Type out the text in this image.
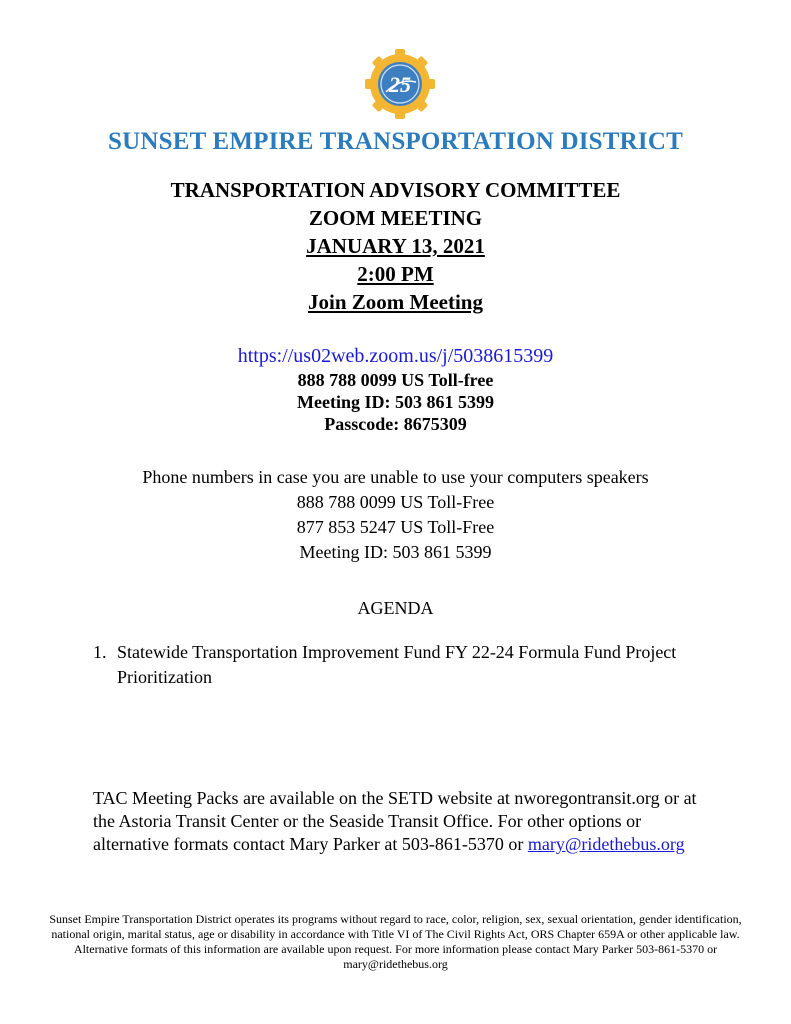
25
SUNSET EMPIRE TRANSPORTATION DISTRICT
TRANSPORTATION ADVISORY COMMITTEE
ZOOM MEETING
JANUARY 13, 2021
2:00 PM
Join Zoom Meeting
https://us02web.zoom.us/j/5038615399
888 788 0099 US Toll-free
Meeting ID: 503 861 5399
Passcode: 8675309
Phone numbers in case you are unable to use your computers speakers
888 788 0099 US Toll-Free
877 853 5247 US Toll-Free
Meeting ID: 503 861 5399
AGENDA
1. Statewide Transportation Improvement Fund FY 22-24 Formula Fund Project Prioritization
TAC Meeting Packs are available on the SETD website at nworegontransit.org or at the Astoria Transit Center or the Seaside Transit Office. For other options or alternative formats contact Mary Parker at 503-861-5370 or mary@ridethebus.org
Sunset Empire Transportation District operates its programs without regard to race, color, religion, sex, sexual orientation, gender identification, national origin, marital status, age or disability in accordance with Title VI of The Civil Rights Act, ORS Chapter 659A or other applicable law. Alternative formats of this information are available upon request. For more information please contact Mary Parker 503-861-5370 or mary@ridethebus.org
